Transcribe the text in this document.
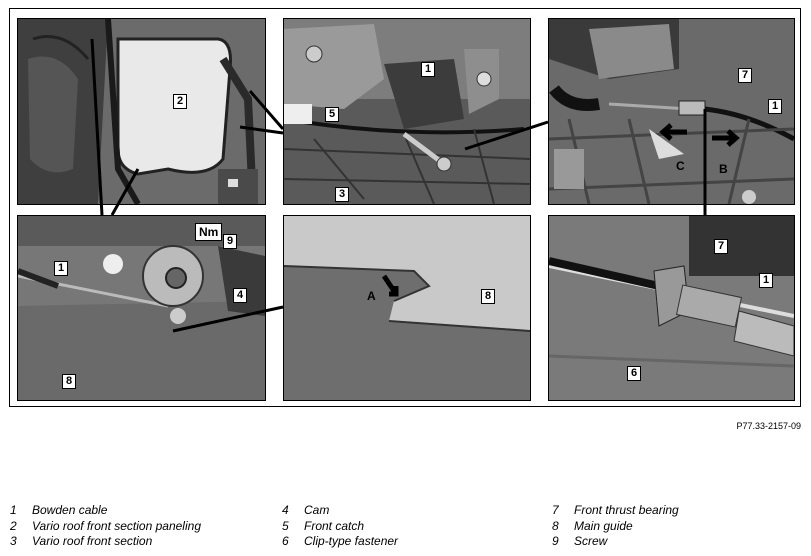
2
1
5
3
7
1
C	B
Nm
9
1
4
8
A	8
7
1
6
P77.33-2157-09
1	Bowden cable
2	Vario roof front section paneling
3	Vario roof front section
4	Cam
5	Front catch
6	Clip-type fastener
7	Front thrust bearing
8	Main guide
9	Screw
